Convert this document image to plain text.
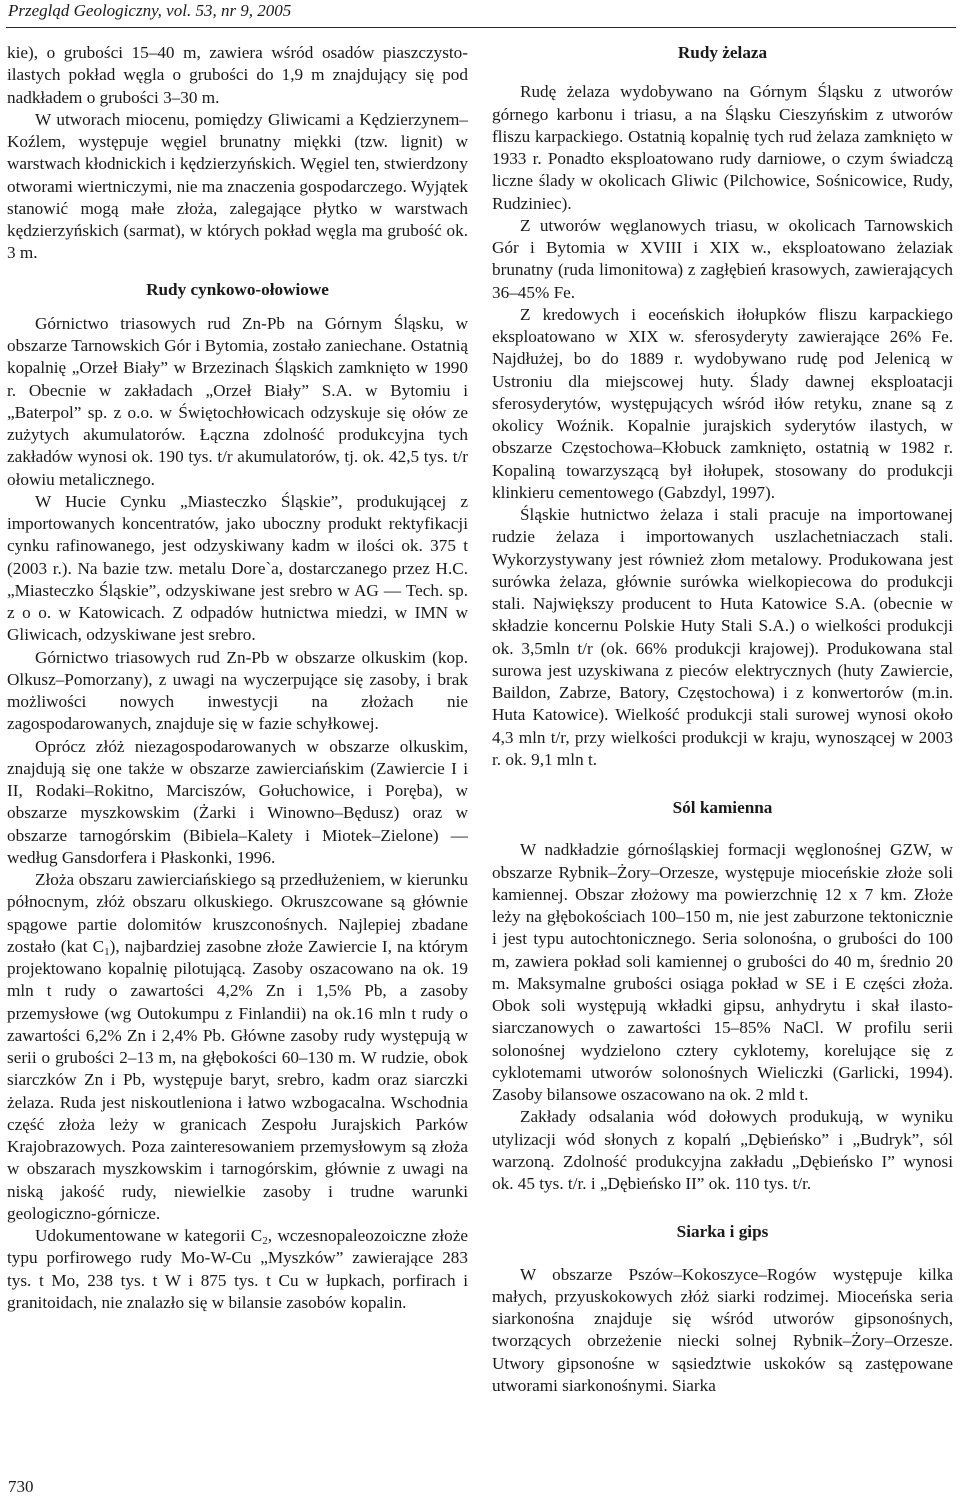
Przegląd Geologiczny, vol. 53, nr 9, 2005

kie), o grubości 15–40 m, zawiera wśród osadów piaszczysto-ilastych pokład węgla o grubości do 1,9 m znajdujący się pod nadkładem o grubości 3–30 m.

W utworach miocenu, pomiędzy Gliwicami a Kędzierzynem–Koźlem, występuje węgiel brunatny miękki (tzw. lignit) w warstwach kłodnickich i kędzierzyńskich. Węgiel ten, stwierdzony otworami wiertniczymi, nie ma znaczenia gospodarczego. Wyjątek stanowić mogą małe złoża, zalegające płytko w warstwach kędzierzyńskich (sarmat), w których pokład węgla ma grubość ok. 3 m.

Rudy cynkowo-ołowiowe

Górnictwo triasowych rud Zn-Pb na Górnym Śląsku, w obszarze Tarnowskich Gór i Bytomia, zostało zaniechane. Ostatnią kopalnię „Orzeł Biały” w Brzezinach Śląskich zamknięto w 1990 r. Obecnie w zakładach „Orzeł Biały” S.A. w Bytomiu i „Baterpol” sp. z o.o. w Świętochłowicach odzyskuje się ołów ze zużytych akumulatorów. Łączna zdolność produkcyjna tych zakładów wynosi ok. 190 tys. t/r akumulatorów, tj. ok. 42,5 tys. t/r ołowiu metalicznego.

W Hucie Cynku „Miasteczko Śląskie”, produkującej z importowanych koncentratów, jako uboczny produkt rektyfikacji cynku rafinowanego, jest odzyskiwany kadm w ilości ok. 375 t (2003 r.). Na bazie tzw. metalu Dore`a, dostarczanego przez H.C. „Miasteczko Śląskie”, odzyskiwane jest srebro w AG — Tech. sp. z o o. w Katowicach. Z odpadów hutnictwa miedzi, w IMN w Gliwicach, odzyskiwane jest srebro.

Górnictwo triasowych rud Zn-Pb w obszarze olkuskim (kop. Olkusz–Pomorzany), z uwagi na wyczerpujące się zasoby, i brak możliwości nowych inwestycji na złożach nie zagospodarowanych, znajduje się w fazie schyłkowej.

Oprócz złóż niezagospodarowanych w obszarze olkuskim, znajdują się one także w obszarze zawierciańskim (Zawiercie I i II, Rodaki–Rokitno, Marciszów, Gołuchowice, i Poręba), w obszarze myszkowskim (Żarki i Winowno–Będusz) oraz w obszarze tarnogórskim (Bibiela–Kalety i Miotek–Zielone) — według Gansdorfera i Płaskonki, 1996.

Złoża obszaru zawierciańskiego są przedłużeniem, w kierunku północnym, złóż obszaru olkuskiego. Okruszcowane są głównie spągowe partie dolomitów kruszconośnych. Najlepiej zbadane zostało (kat $C_1$), najbardziej zasobne złoże Zawiercie I, na którym projektowano kopalnię pilotującą. Zasoby oszacowano na ok. 19 mln t rudy o zawartości 4,2% Zn i 1,5% Pb, a zasoby przemysłowe (wg Outokumpu z Finlandii) na ok.16 mln t rudy o zawartości 6,2% Zn i 2,4% Pb. Główne zasoby rudy występują w serii o grubości 2–13 m, na głębokości 60–130 m. W rudzie, obok siarczków Zn i Pb, występuje baryt, srebro, kadm oraz siarczki żelaza. Ruda jest niskoutleniona i łatwo wzbogacalna. Wschodnia część złoża leży w granicach Zespołu Jurajskich Parków Krajobrazowych. Poza zainteresowaniem przemysłowym są złoża w obszarach myszkowskim i tarnogórskim, głównie z uwagi na niską jakość rudy, niewielkie zasoby i trudne warunki geologiczno-górnicze.

Udokumentowane w kategorii $C_2$, wczesnopaleozoiczne złoże typu porfirowego rudy Mo-W-Cu „Myszków” zawierające 283 tys. t Mo, 238 tys. t W i 875 tys. t Cu w łupkach, porfirach i granitoidach, nie znalazło się w bilansie zasobów kopalin.

Rudy żelaza

Rudę żelaza wydobywano na Górnym Śląsku z utworów górnego karbonu i triasu, a na Śląsku Cieszyńskim z utworów fliszu karpackiego. Ostatnią kopalnię tych rud żelaza zamknięto w 1933 r. Ponadto eksploatowano rudy darniowe, o czym świadczą liczne ślady w okolicach Gliwic (Pilchowice, Sośnicowice, Rudy, Rudziniec).

Z utworów węglanowych triasu, w okolicach Tarnowskich Gór i Bytomia w XVIII i XIX w., eksploatowano żelaziak brunatny (ruda limonitowa) z zagłębień krasowych, zawierających 36–45% Fe.

Z kredowych i eoceńskich iłołupków fliszu karpackiego eksploatowano w XIX w. sferosyderyty zawierające 26% Fe. Najdłużej, bo do 1889 r. wydobywano rudę pod Jelenicą w Ustroniu dla miejscowej huty. Ślady dawnej eksploatacji sferosyderytów, występujących wśród iłów retyku, znane są z okolicy Woźnik. Kopalnie jurajskich syderytów ilastych, w obszarze Częstochowa–Kłobuck zamknięto, ostatnią w 1982 r. Kopaliną towarzyszącą był iłołupek, stosowany do produkcji klinkieru cementowego (Gabzdyl, 1997).

Śląskie hutnictwo żelaza i stali pracuje na importowanej rudzie żelaza i importowanych uszlachetniaczach stali. Wykorzystywany jest również złom metalowy. Produkowana jest surówka żelaza, głównie surówka wielkopiecowa do produkcji stali. Największy producent to Huta Katowice S.A. (obecnie w składzie koncernu Polskie Huty Stali S.A.) o wielkości produkcji ok. 3,5mln t/r (ok. 66% produkcji krajowej). Produkowana stal surowa jest uzyskiwana z pieców elektrycznych (huty Zawiercie, Baildon, Zabrze, Batory, Częstochowa) i z konwertorów (m.in. Huta Katowice). Wielkość produkcji stali surowej wynosi około 4,3 mln t/r, przy wielkości produkcji w kraju, wynoszącej w 2003 r. ok. 9,1 mln t.

Sól kamienna

W nadkładzie górnośląskiej formacji węglonośnej GZW, w obszarze Rybnik–Żory–Orzesze, występuje mioceńskie złoże soli kamiennej. Obszar złożowy ma powierzchnię 12 x 7 km. Złoże leży na głębokościach 100–150 m, nie jest zaburzone tektonicznie i jest typu autochtonicznego. Seria solonośna, o grubości do 100 m, zawiera pokład soli kamiennej o grubości do 40 m, średnio 20 m. Maksymalne grubości osiąga pokład w SE i E części złoża. Obok soli występują wkładki gipsu, anhydrytu i skał ilasto- siarczanowych o zawartości 15–85% NaCl. W profilu serii solonośnej wydzielono cztery cyklotemy, korelujące się z cyklotemami utworów solonośnych Wieliczki (Garlicki, 1994). Zasoby bilansowe oszacowano na ok. 2 mld t.

Zakłady odsalania wód dołowych produkują, w wyniku utylizacji wód słonych z kopalń „Dębieńsko” i „Budryk”, sól warzoną. Zdolność produkcyjna zakładu „Dębieńsko I” wynosi ok. 45 tys. t/r. i „Dębieńsko II” ok. 110 tys. t/r.

Siarka i gips

W obszarze Pszów–Kokoszyce–Rogów występuje kilka małych, przyuskokowych złóż siarki rodzimej. Mioceńska seria siarkonośna znajduje się wśród utworów gipsonośnych, tworzących obrzeżenie niecki solnej Rybnik–Żory–Orzesze. Utwory gipsonośne w sąsiedztwie uskoków są zastępowane utworami siarkonośnymi. Siarka

730
